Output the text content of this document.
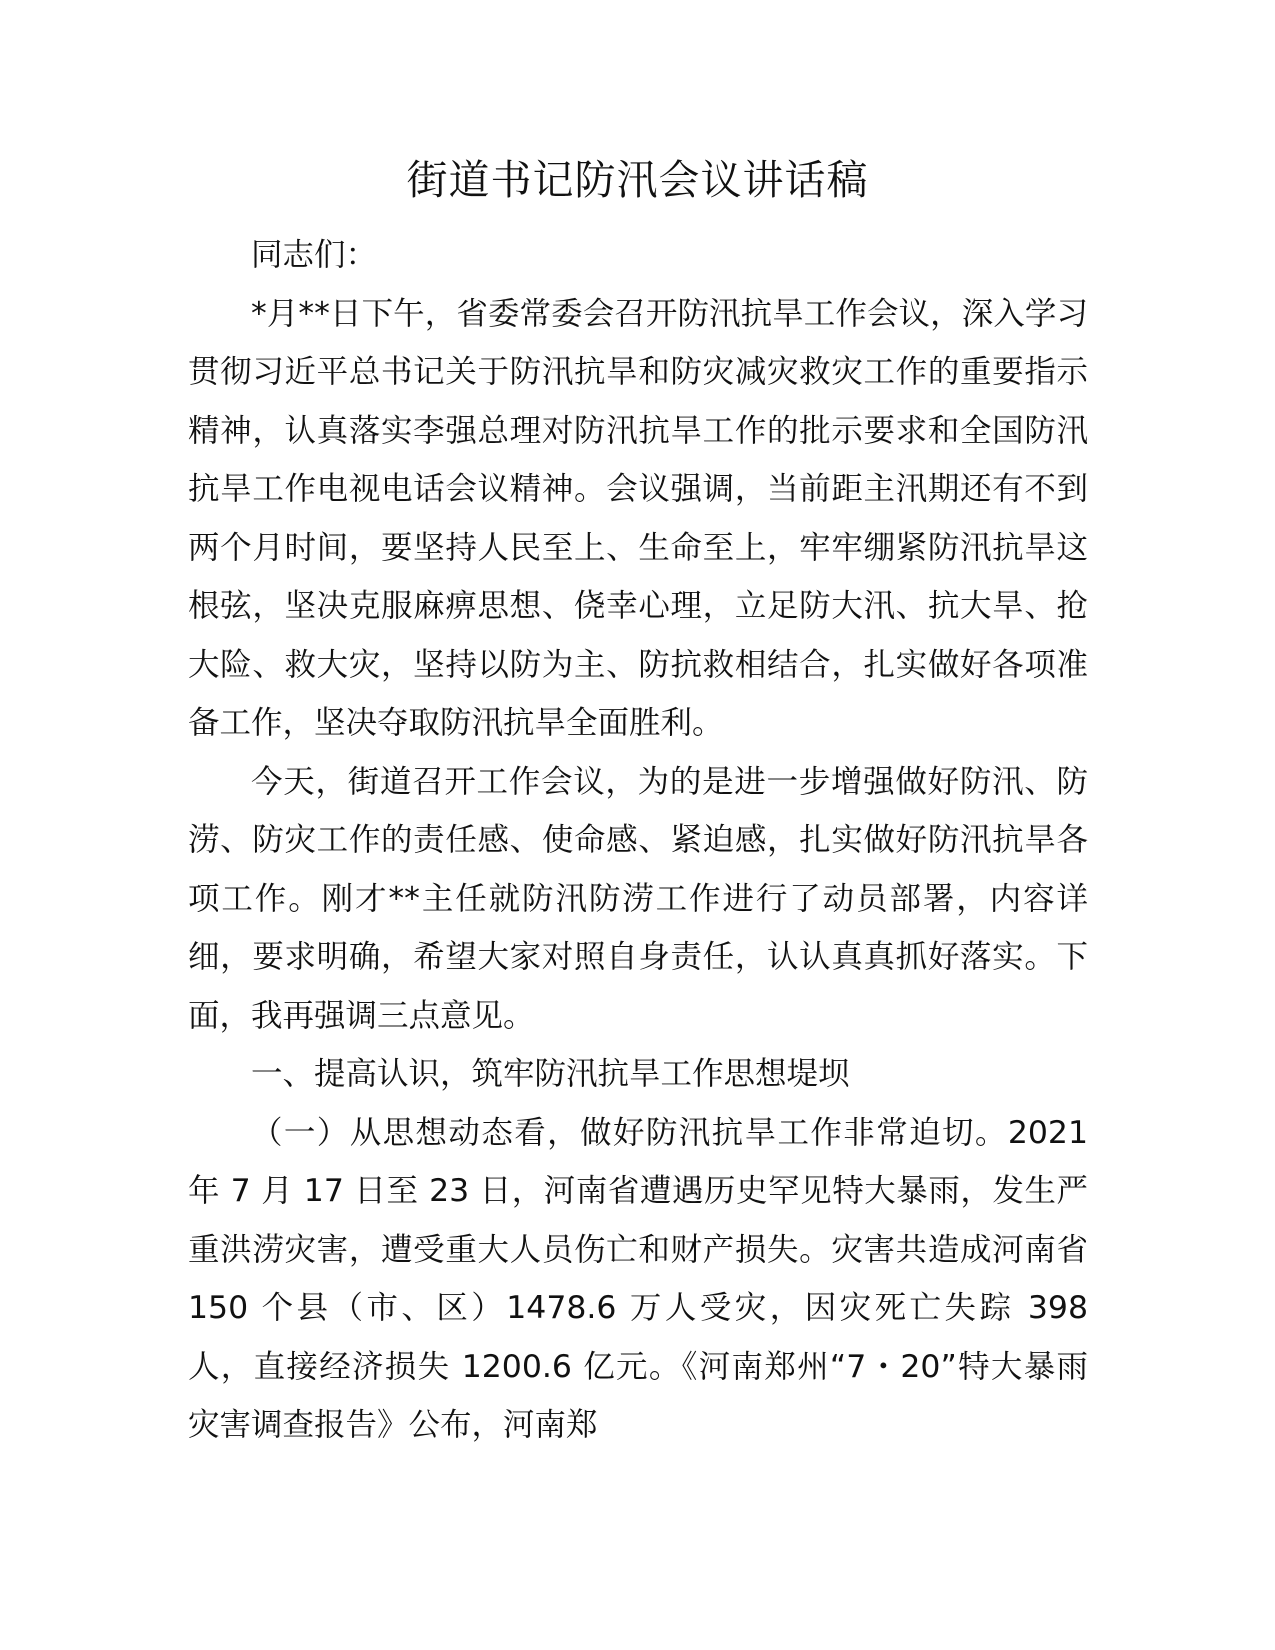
街道书记防汛会议讲话稿

同志们：

*月**日下午，省委常委会召开防汛抗旱工作会议，深入学习贯彻习近平总书记关于防汛抗旱和防灾减灾救灾工作的重要指示精神，认真落实李强总理对防汛抗旱工作的批示要求和全国防汛抗旱工作电视电话会议精神。会议强调，当前距主汛期还有不到两个月时间，要坚持人民至上、生命至上，牢牢绷紧防汛抗旱这根弦，坚决克服麻痹思想、侥幸心理，立足防大汛、抗大旱、抢大险、救大灾，坚持以防为主、防抗救相结合，扎实做好各项准备工作，坚决夺取防汛抗旱全面胜利。

今天，街道召开工作会议，为的是进一步增强做好防汛、防涝、防灾工作的责任感、使命感、紧迫感，扎实做好防汛抗旱各项工作。刚才**主任就防汛防涝工作进行了动员部署，内容详细，要求明确，希望大家对照自身责任，认认真真抓好落实。下面，我再强调三点意见。

一、提高认识，筑牢防汛抗旱工作思想堤坝

（一）从思想动态看，做好防汛抗旱工作非常迫切。2021 年 7 月 17 日至 23 日，河南省遭遇历史罕见特大暴雨，发生严重洪涝灾害，遭受重大人员伤亡和财产损失。灾害共造成河南省 150 个县（市、区）1478.6 万人受灾，因灾死亡失踪 398 人，直接经济损失 1200.6 亿元。《河南郑州“7・20”特大暴雨灾害调查报告》公布，河南郑
